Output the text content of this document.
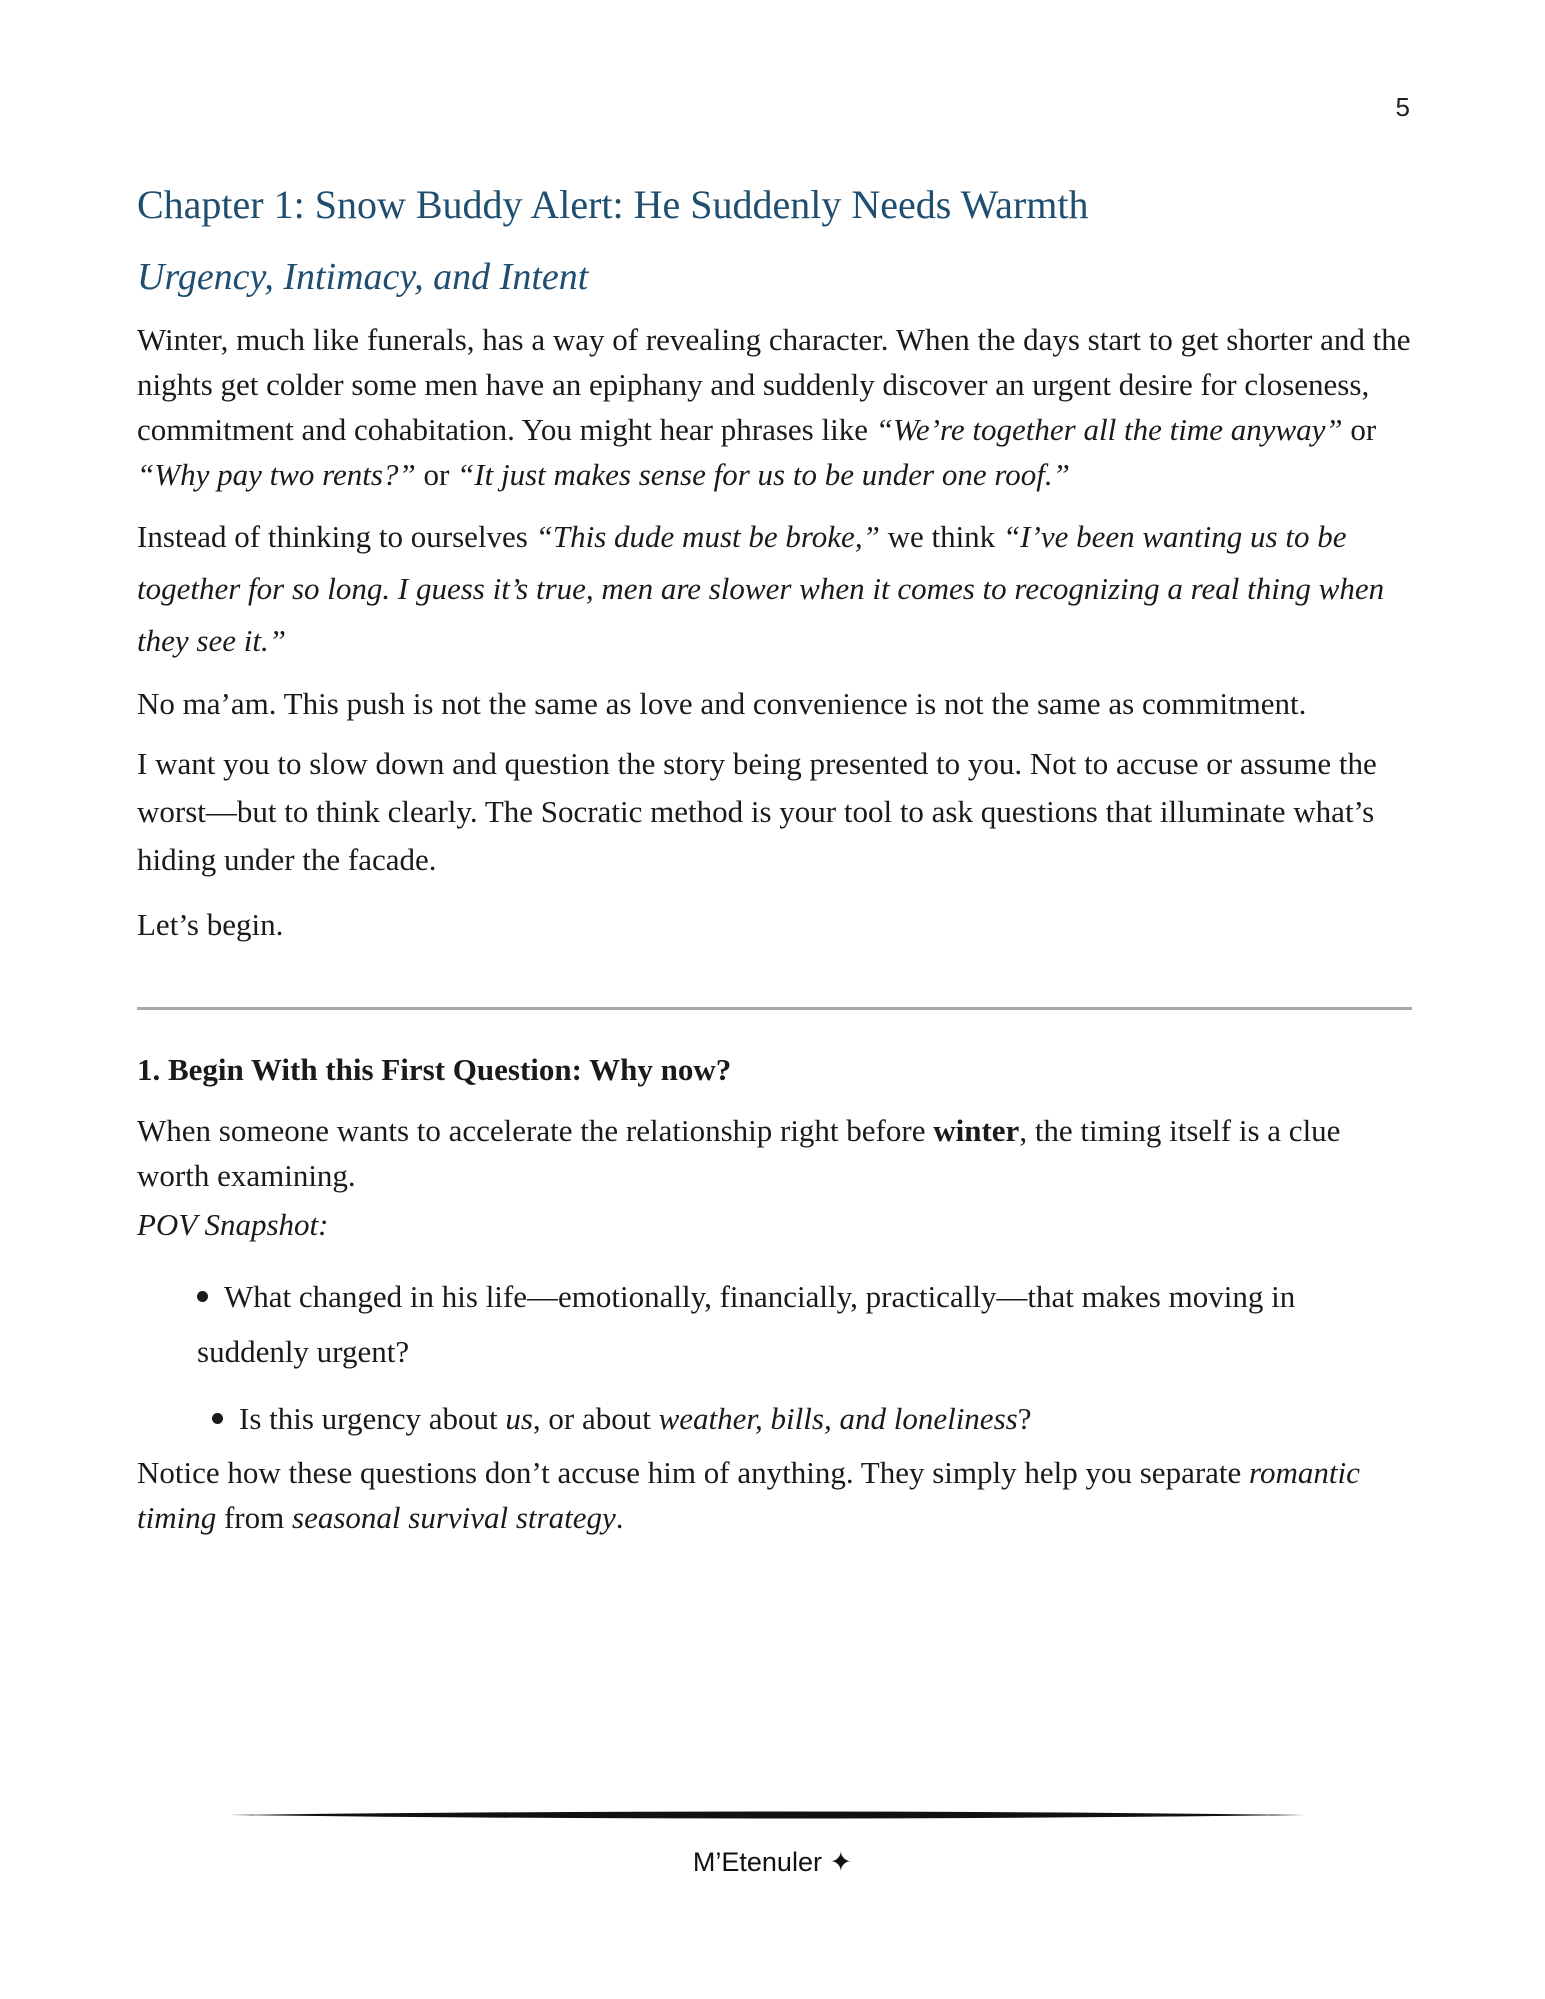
5
Chapter 1: Snow Buddy Alert: He Suddenly Needs Warmth
Urgency, Intimacy, and Intent

Winter, much like funerals, has a way of revealing character. When the days start to get shorter and the nights get colder some men have an epiphany and suddenly discover an urgent desire for closeness, commitment and cohabitation. You might hear phrases like “We’re together all the time anyway” or “Why pay two rents?” or “It just makes sense for us to be under one roof.”

Instead of thinking to ourselves “This dude must be broke,” we think “I’ve been wanting us to be together for so long. I guess it’s true, men are slower when it comes to recognizing a real thing when they see it.”

No ma’am. This push is not the same as love and convenience is not the same as commitment.

I want you to slow down and question the story being presented to you. Not to accuse or assume the worst—but to think clearly. The Socratic method is your tool to ask questions that illuminate what’s hiding under the facade.

Let’s begin.

1. Begin With this First Question: Why now?

When someone wants to accelerate the relationship right before winter, the timing itself is a clue worth examining.

POV Snapshot:

What changed in his life—emotionally, financially, practically—that makes moving in suddenly urgent?
Is this urgency about us, or about weather, bills, and loneliness?

Notice how these questions don’t accuse him of anything. They simply help you separate romantic timing from seasonal survival strategy.

M’Etenuler ✦
